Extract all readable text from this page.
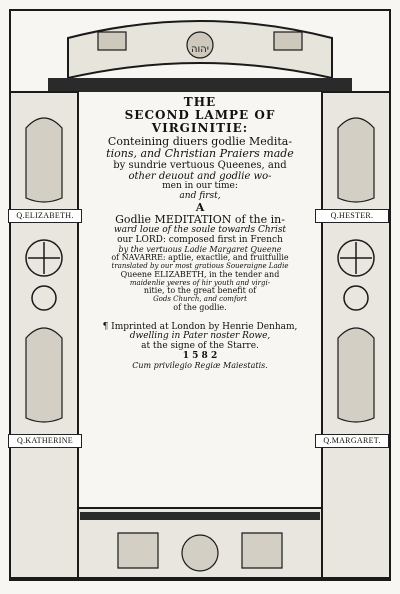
יהוה
Q.ELIZABETH.	Q.HESTER.
Q.KATHERINE	Q.MARGARET.
THE
SECOND LAMPE OF
VIRGINITIE:
Conteining diuers godlie Medita-
tions, and Christian Praiers made
by sundrie vertuous Queenes, and
other deuout and godlie wo-
men in our time:
and first,
A
Godlie MEDITATION of the in-
ward loue of the soule towards Christ
our LORD: composed first in French
by the vertuous Ladie Margaret Queene
of NAVARRE: aptlie, exactlie, and fruitfullie
translated by our most gratious Soueraigne Ladie
Queene ELIZABETH, in the tender and
maidenlie yeeres of hir youth and virgi-
nitie, to the great benefit of
Gods Church, and comfort
of the godlie.
¶ Imprinted at London by Henrie Denham,
dwelling in Pater noster Rowe,
at the signe of the Starre.
1 5 8 2
Cum privilegio Regiæ Maiestatis.
